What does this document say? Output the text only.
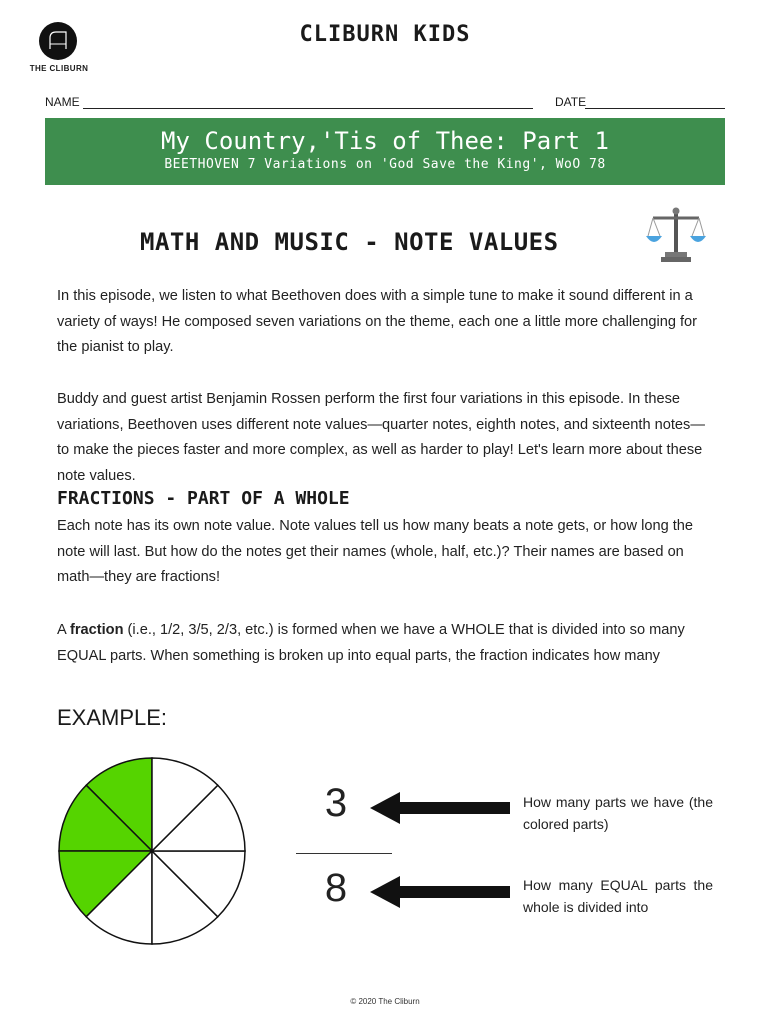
THE CLIBURN
CLIBURN KIDS
NAME	DATE
My Country,'Tis of Thee: Part 1
BEETHOVEN 7 Variations on 'God Save the King', WoO 78
MATH AND MUSIC - NOTE VALUES
In this episode, we listen to what Beethoven does with a simple tune to make it sound different in a variety of ways! He composed seven variations on the theme, each one a little more challenging for the pianist to play.
Buddy and guest artist Benjamin Rossen perform the first four variations in this episode. In these variations, Beethoven uses different note values—quarter notes, eighth notes, and sixteenth notes—to make the pieces faster and more complex, as well as harder to play! Let's learn more about these note values.
FRACTIONS - PART OF A WHOLE
Each note has its own note value. Note values tell us how many beats a note gets, or how long the note will last. But how do the notes get their names (whole, half, etc.)? Their names are based on math—they are fractions!
A fraction (i.e., 1/2, 3/5, 2/3, etc.) is formed when we have a WHOLE that is divided into so many EQUAL parts. When something is broken up into equal parts, the fraction indicates how many
EXAMPLE:
3
8
How many parts we have (the colored parts)
How many EQUAL parts the whole is divided into
© 2020 The Cliburn
